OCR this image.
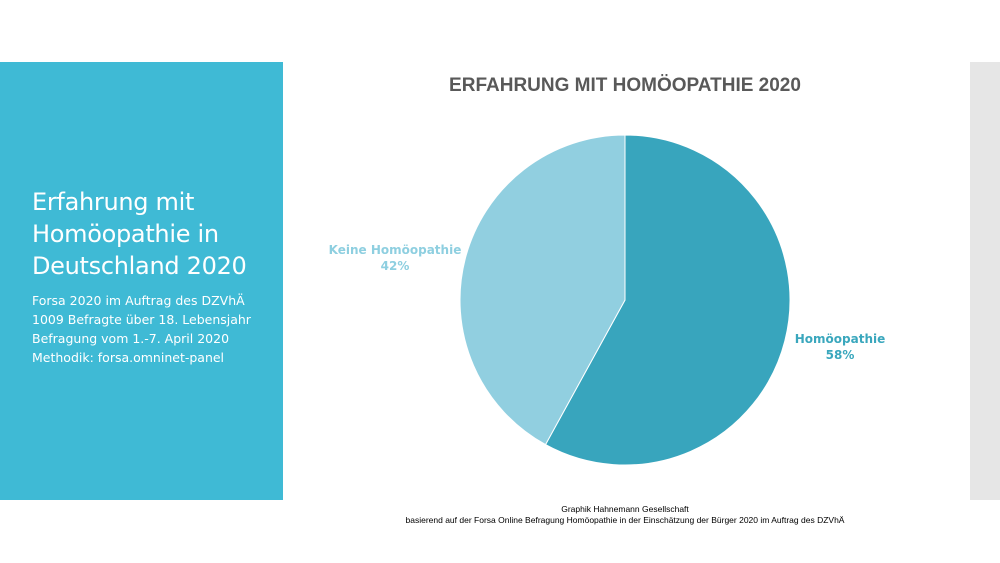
Erfahrung mit
Homöopathie in
Deutschland 2020
Forsa 2020 im Auftrag des DZVhÄ
1009 Befragte über 18. Lebensjahr
Befragung vom 1.-7. April 2020
Methodik: forsa.omninet-panel
ERFAHRUNG MIT HOMÖOPATHIE 2020
Keine Homöopathie
42%
Homöopathie
58%
Graphik Hahnemann Gesellschaft
basierend auf der Forsa Online Befragung Homöopathie in der Einschätzung der Bürger 2020 im Auftrag des DZVhÄ
